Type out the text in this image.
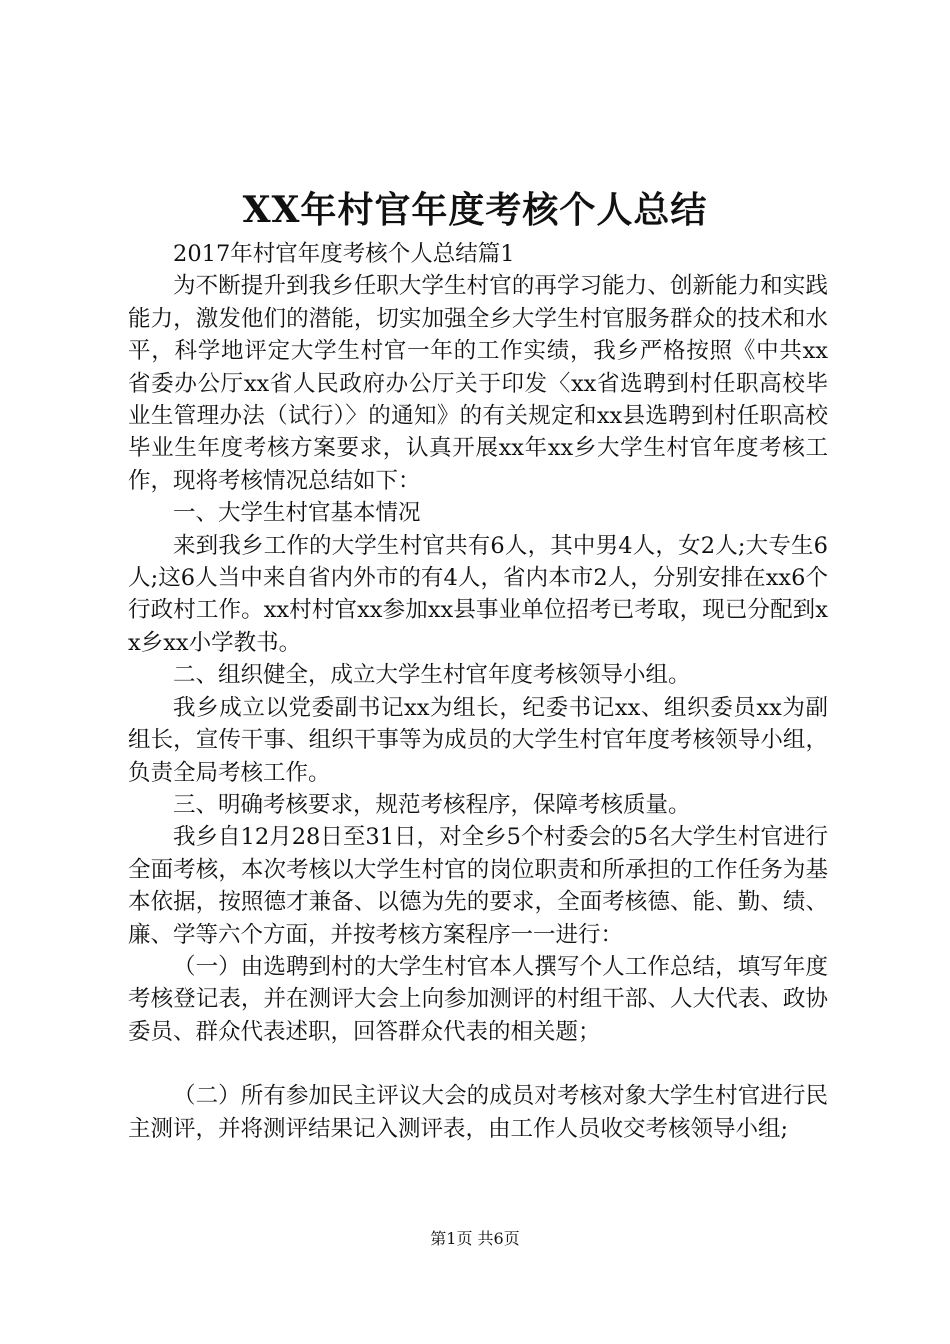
XX年村官年度考核个人总结

2017年村官年度考核个人总结篇1

为不断提升到我乡任职大学生村官的再学习能力、创新能力和实践能力，激发他们的潜能，切实加强全乡大学生村官服务群众的技术和水平，科学地评定大学生村官一年的工作实绩，我乡严格按照《中共xx省委办公厅xx省人民政府办公厅关于印发〈xx省选聘到村任职高校毕业生管理办法（试行）〉的通知》的有关规定和xx县选聘到村任职高校毕业生年度考核方案要求，认真开展xx年xx乡大学生村官年度考核工作，现将考核情况总结如下：

一、大学生村官基本情况

来到我乡工作的大学生村官共有6人，其中男4人，女2人;大专生6人;这6人当中来自省内外市的有4人，省内本市2人，分别安排在xx6个行政村工作。xx村村官xx参加xx县事业单位招考已考取，现已分配到xx乡xx小学教书。

二、组织健全，成立大学生村官年度考核领导小组。

我乡成立以党委副书记xx为组长，纪委书记xx、组织委员xx为副组长，宣传干事、组织干事等为成员的大学生村官年度考核领导小组，负责全局考核工作。

三、明确考核要求，规范考核程序，保障考核质量。

我乡自12月28日至31日，对全乡5个村委会的5名大学生村官进行全面考核，本次考核以大学生村官的岗位职责和所承担的工作任务为基本依据，按照德才兼备、以德为先的要求，全面考核德、能、勤、绩、廉、学等六个方面，并按考核方案程序一一进行：

（一）由选聘到村的大学生村官本人撰写个人工作总结，填写年度考核登记表，并在测评大会上向参加测评的村组干部、人大代表、政协委员、群众代表述职，回答群众代表的相关题；

（二）所有参加民主评议大会的成员对考核对象大学生村官进行民主测评，并将测评结果记入测评表，由工作人员收交考核领导小组;

第1页 共6页
